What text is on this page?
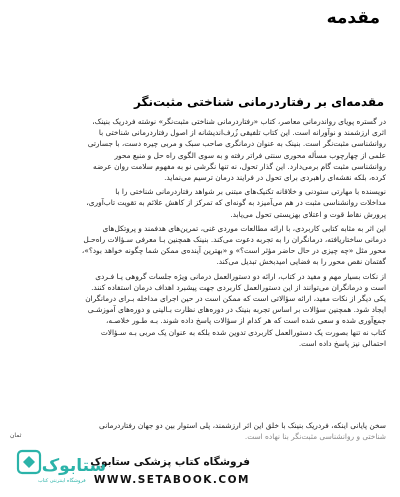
مقدمه
مقدمه‌ای بر رفتاردرمانی شناختی مثبت‌نگر
در گستره پویای رواندرمانی معاصر، کتاب «رفتاردرمانی شناختی مثبت‌نگر» نوشته فردریک بنینک،
اثری ارزشمند و نوآورانه است. این کتاب تلفیقی زُرف‌اندیشانه از اصول رفتاردرمانی شناختی با
روانشناسی مثبت‌نگر است. بنینک به عنوان درمانگری صاحب سبک و مربی چیره دست، با جسارتی
علمی از چهارچوب مسأله محوری سنتی فراتر رفته و به سوی الگوی راه حل و منبع محور
روانشناسی مثبت گام برمی‌دارد. این گذار تحول، نه تنها نگرشی نو به مفهوم سلامت روان عرضه
کرده، بلکه نقشه‌ای راهبردی برای تحول در فرایند درمان ترسیم می‌نماید.
نویسنده با مهارتی ستودنی و خلاقانه تکنیک‌های مبتنی بر شواهد رفتاردرمانی شناختی را با
مداخلات روانشناسی مثبت در هم می‌آمیزد به گونه‌ای که تمرکز از کاهش علائم به تقویت تاب‌آوری،
پرورش نقاط قوت و اعتلای بهزیستی تحول می‌یابد.
این اثر به مثابه کتابی کاربردی، با ارائه مطالعات موردی غنی، تمرین‌های هدفمند و پروتکل‌های
درمانی ساختاریافته، درمانگران را به تجربه دعوت می‌کند. بنینک همچنین بـا معرفی سـؤالات راه‌حـل
محور مثل «چه چیزی در حال حاضر مؤثر است؟» و «بهترین آینده‌ی ممکن شما چگونه خواهد بود؟»،
گفتمان نقص محور را به فضایی امیدبخش تبدیل می‌کند.
از نکات بسیار مهم و مفید در کتاب، ارائه دو دستورالعمل درمانی ویژه جلسات گروهی یـا فـردی
است و درمانگران می‌توانند از این دستورالعمل کاربردی جهت پیشبرد اهداف درمان استفاده کنند.
یکی دیگر از نکات مفید، ارائه سؤالاتی است که ممکن است در حین اجرای مداخله بـرای درمانگران
ایجاد شود. همچنین سؤالات بر اساس تجربه بنینک در دوره‌های نظارت بـالینی و دوره‌های آموزشـی
جمع‌آوری شده و سعی شده است که هر کدام از سؤالات پاسخ داده شوند. بـه طـور خلاصـه،
کتاب نه تنها بصورت یک دستورالعمل کاربردی تدوین شده بلکه به عنوان یک مربی بـه سـؤالات
احتمالی نیز پاسخ داده است.
سخن پایانی اینکه، فردریک بنینک با خلق این اثر ارزشمند، پلی استوار بین دو جهان رفتاردرمانی
شناختی و روانشناسی مثبت‌نگر بنا نهاده است.
ثمان
فروشگاه کتاب پزشکی ستابوک
WWW.SETABOOK.COM
ستابوک
فروشگاه اینترنتی کتاب
